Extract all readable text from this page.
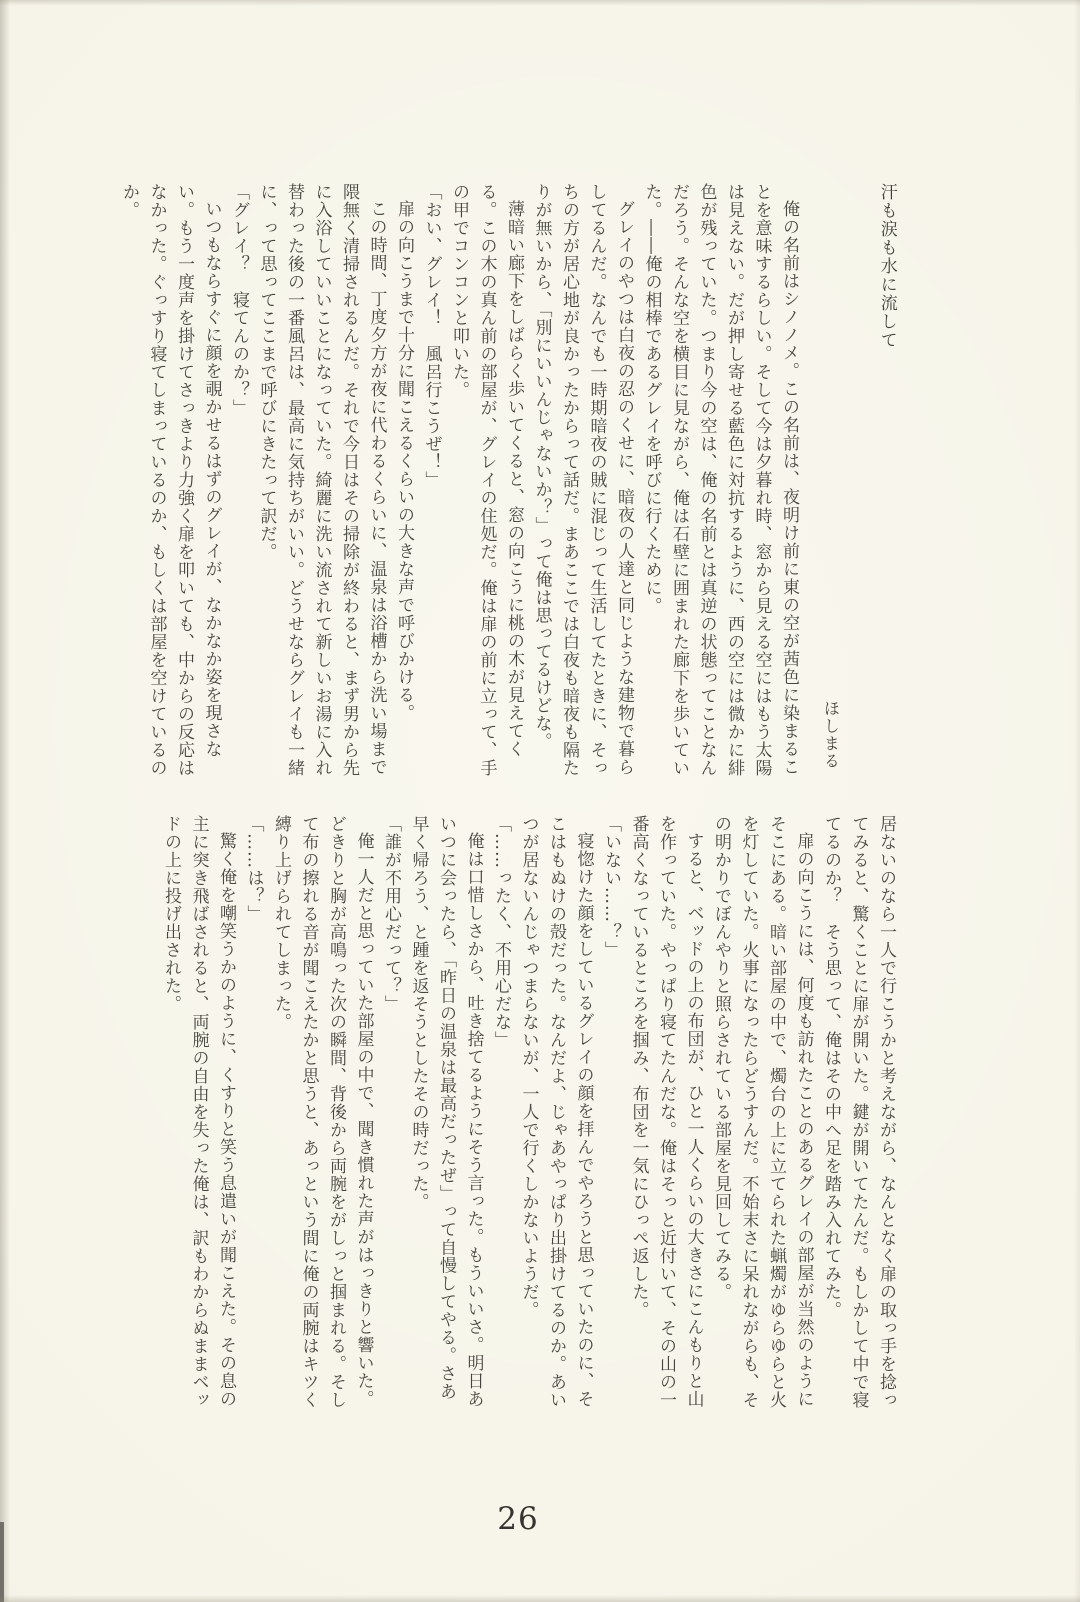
汗も涙も水に流して
ほしまる

俺の名前はシノノメ。この名前は、夜明け前に東の空が茜色に染まることを意味するらしい。そして今は夕暮れ時、窓から見える空にはもう太陽は見えない。だが押し寄せる藍色に対抗するように、西の空には微かに緋色が残っていた。つまり今の空は、俺の名前とは真逆の状態ってことなんだろう。そんな空を横目に見ながら、俺は石壁に囲まれた廊下を歩いていた。――俺の相棒であるグレイを呼びに行くために。

グレイのやつは白夜の忍のくせに、暗夜の人達と同じような建物で暮らしてるんだ。なんでも一時期暗夜の賊に混じって生活してたときに、そっちの方が居心地が良かったからって話だ。まあここでは白夜も暗夜も隔たりが無いから、「別にいいんじゃないか？」って俺は思ってるけどな。

薄暗い廊下をしばらく歩いてくると、窓の向こうに桃の木が見えてくる。この木の真ん前の部屋が、グレイの住処だ。俺は扉の前に立って、手の甲でコンコンと叩いた。

「おい、グレイ！　風呂行こうぜ！」

扉の向こうまで十分に聞こえるくらいの大きな声で呼びかける。

この時間、丁度夕方が夜に代わるくらいに、温泉は浴槽から洗い場まで隈無く清掃されるんだ。それで今日はその掃除が終わると、まず男から先に入浴していいことになっていた。綺麗に洗い流されて新しいお湯に入れ替わった後の一番風呂は、最高に気持ちがいい。どうせならグレイも一緒に、って思ってここまで呼びにきたって訳だ。

「グレイ？　寝てんのか？」

いつもならすぐに顔を覗かせるはずのグレイが、なかなか姿を現さない。もう一度声を掛けてさっきより力強く扉を叩いても、中からの反応はなかった。ぐっすり寝てしまっているのか、もしくは部屋を空けているのか。

居ないのなら一人で行こうかと考えながら、なんとなく扉の取っ手を捻ってみると、驚くことに扉が開いた。鍵が開いてたんだ。もしかして中で寝てるのか？　そう思って、俺はその中へ足を踏み入れてみた。

扉の向こうには、何度も訪れたことのあるグレイの部屋が当然のようにそこにある。暗い部屋の中で、燭台の上に立てられた蝋燭がゆらゆらと火を灯していた。火事になったらどうすんだ。不始末さに呆れながらも、その明かりでぼんやりと照らされている部屋を見回してみる。

すると、ベッドの上の布団が、ひと一人くらいの大きさにこんもりと山を作っていた。やっぱり寝てたんだな。俺はそっと近付いて、その山の一番高くなっているところを掴み、布団を一気にひっぺ返した。

「いない……？」

寝惚けた顔をしているグレイの顔を拝んでやろうと思っていたのに、そこはもぬけの殻だった。なんだよ、じゃあやっぱり出掛けてるのか。あいつが居ないんじゃつまらないが、一人で行くしかないようだ。

「……ったく、不用心だな」

俺は口惜しさから、吐き捨てるようにそう言った。もういいさ。明日あいつに会ったら、「昨日の温泉は最高だったぜ」って自慢してやる。さあ早く帰ろう、と踵を返そうとしたその時だった。

「誰が不用心だって？」

俺一人だと思っていた部屋の中で、聞き慣れた声がはっきりと響いた。どきりと胸が高鳴った次の瞬間、背後から両腕をがしっと掴まれる。そして布の擦れる音が聞こえたかと思うと、あっという間に俺の両腕はキツく縛り上げられてしまった。

「……は？」

驚く俺を嘲笑うかのように、くすりと笑う息遣いが聞こえた。その息の主に突き飛ばされると、両腕の自由を失った俺は、訳もわからぬままベッドの上に投げ出された。

26
